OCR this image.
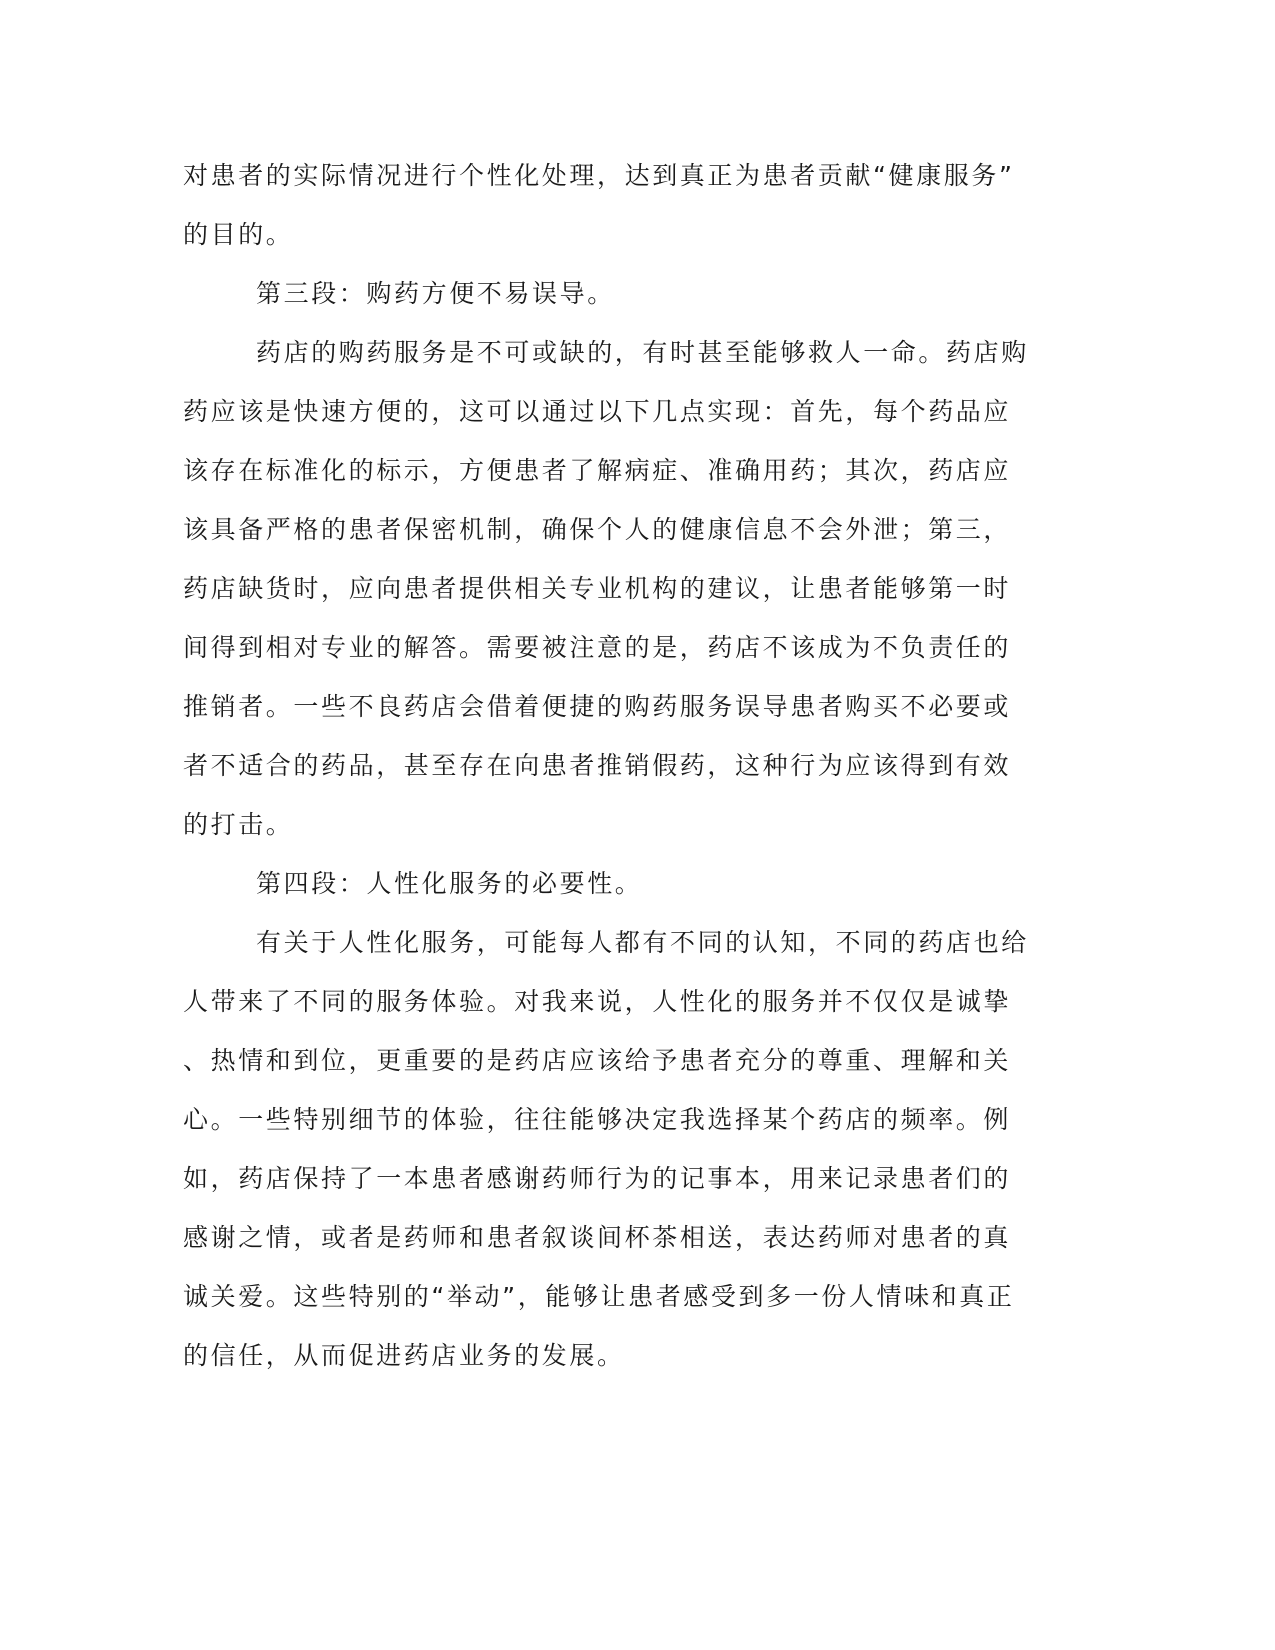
对患者的实际情况进行个性化处理，达到真正为患者贡献“健康服务”
的目的。
第三段：购药方便不易误导。
药店的购药服务是不可或缺的，有时甚至能够救人一命。药店购
药应该是快速方便的，这可以通过以下几点实现：首先，每个药品应
该存在标准化的标示，方便患者了解病症、准确用药；其次，药店应
该具备严格的患者保密机制，确保个人的健康信息不会外泄；第三，
药店缺货时，应向患者提供相关专业机构的建议，让患者能够第一时
间得到相对专业的解答。需要被注意的是，药店不该成为不负责任的
推销者。一些不良药店会借着便捷的购药服务误导患者购买不必要或
者不适合的药品，甚至存在向患者推销假药，这种行为应该得到有效
的打击。
第四段：人性化服务的必要性。
有关于人性化服务，可能每人都有不同的认知，不同的药店也给
人带来了不同的服务体验。对我来说，人性化的服务并不仅仅是诚挚
、热情和到位，更重要的是药店应该给予患者充分的尊重、理解和关
心。一些特别细节的体验，往往能够决定我选择某个药店的频率。例
如，药店保持了一本患者感谢药师行为的记事本，用来记录患者们的
感谢之情，或者是药师和患者叙谈间杯茶相送，表达药师对患者的真
诚关爱。这些特别的“举动”，能够让患者感受到多一份人情味和真正
的信任，从而促进药店业务的发展。
